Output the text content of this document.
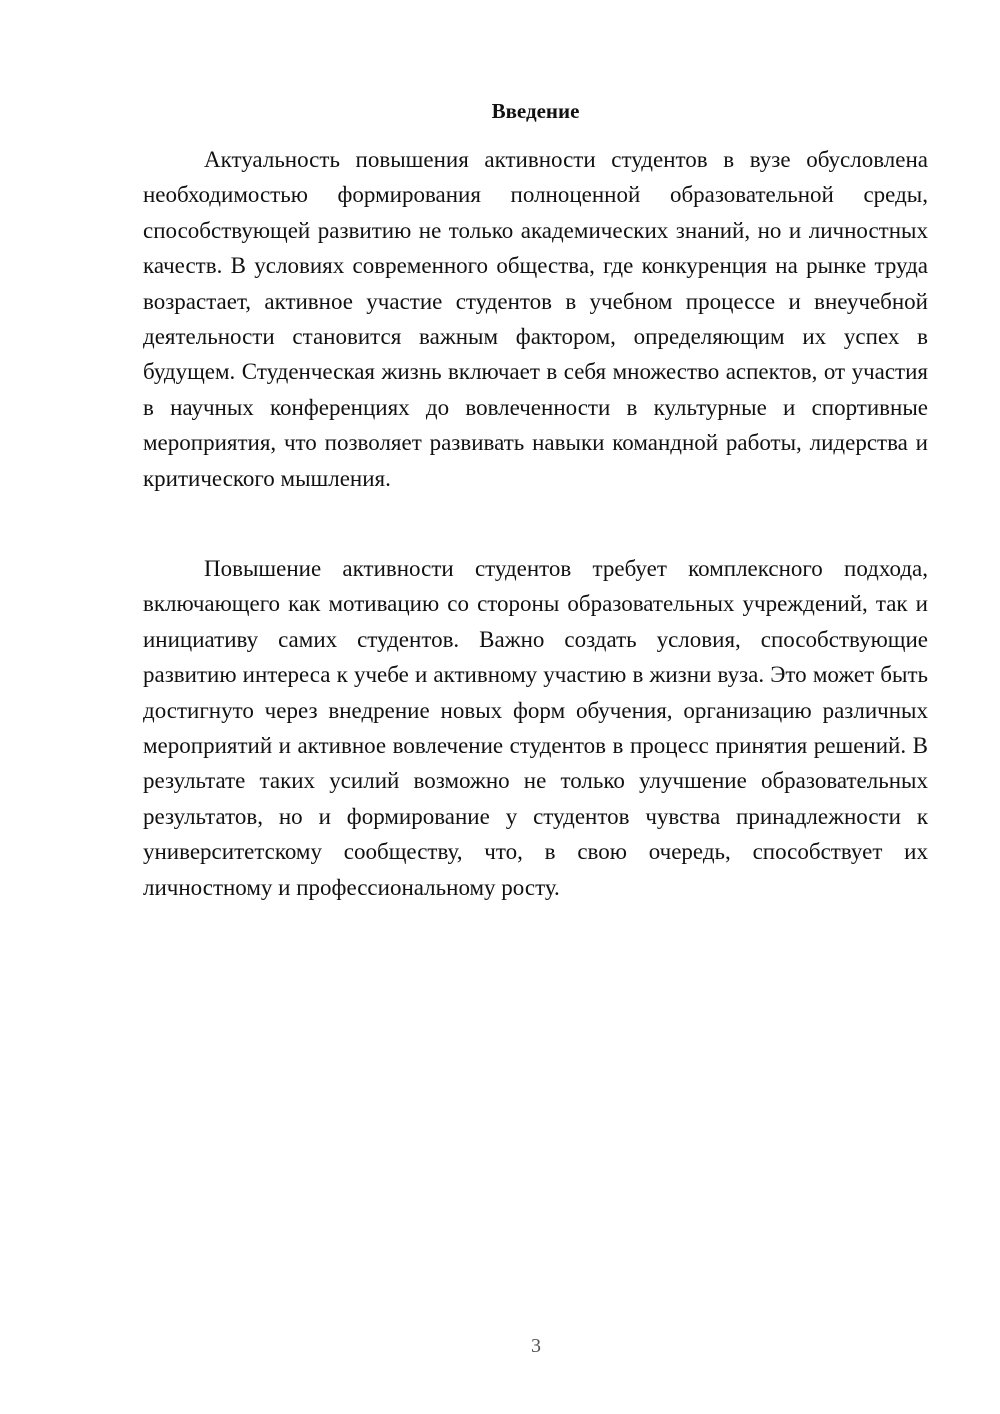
Введение

Актуальность повышения активности студентов в вузе обусловлена необходимостью формирования полноценной образовательной среды, способствующей развитию не только академических знаний, но и личностных качеств. В условиях современного общества, где конкуренция на рынке труда возрастает, активное участие студентов в учебном процессе и внеучебной деятельности становится важным фактором, определяющим их успех в будущем. Студенческая жизнь включает в себя множество аспектов, от участия в научных конференциях до вовлеченности в культурные и спортивные мероприятия, что позволяет развивать навыки командной работы, лидерства и критического мышления.

Повышение активности студентов требует комплексного подхода, включающего как мотивацию со стороны образовательных учреждений, так и инициативу самих студентов. Важно создать условия, способствующие развитию интереса к учебе и активному участию в жизни вуза. Это может быть достигнуто через внедрение новых форм обучения, организацию различных мероприятий и активное вовлечение студентов в процесс принятия решений. В результате таких усилий возможно не только улучшение образовательных результатов, но и формирование у студентов чувства принадлежности к университетскому сообществу, что, в свою очередь, способствует их личностному и профессиональному росту.

3
